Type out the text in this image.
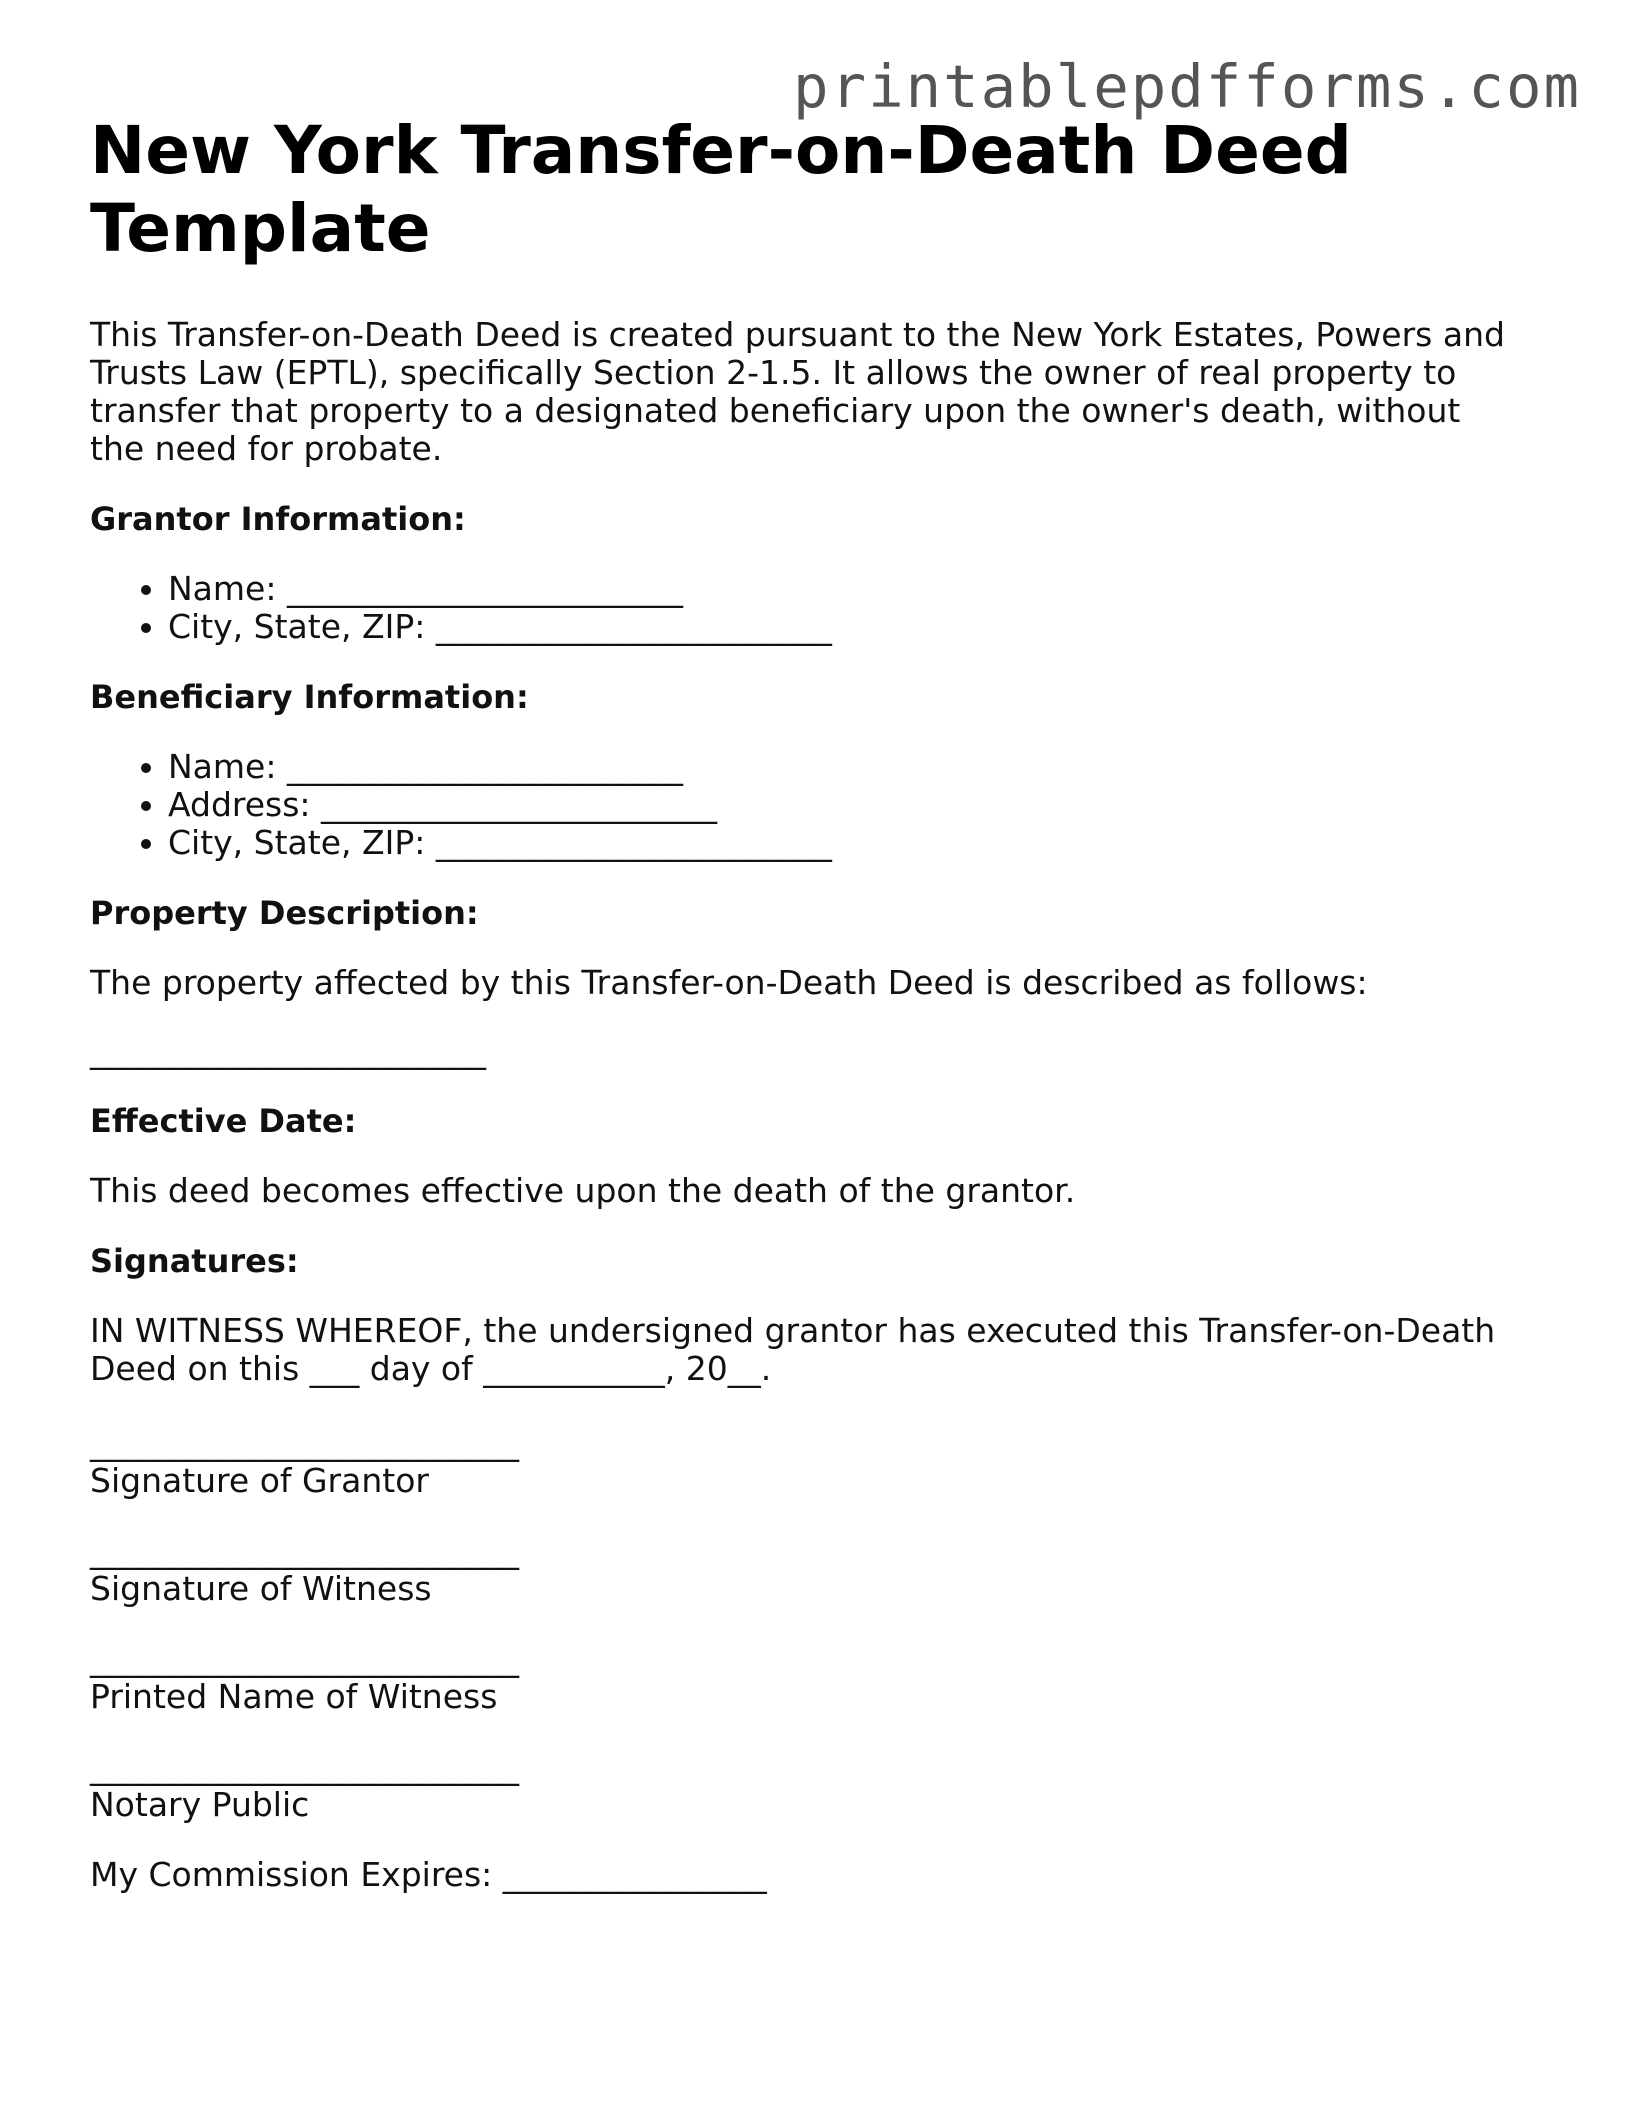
printablepdfforms.com
New York Transfer-on-Death Deed Template

This Transfer-on-Death Deed is created pursuant to the New York Estates, Powers and Trusts Law (EPTL), specifically Section 2-1.5. It allows the owner of real property to transfer that property to a designated beneficiary upon the owner's death, without the need for probate.

Grantor Information:

• Name: ________________________
• City, State, ZIP: ________________________

Beneficiary Information:

• Name: ________________________
• Address: ________________________
• City, State, ZIP: ________________________

Property Description:

The property affected by this Transfer-on-Death Deed is described as follows:

________________________

Effective Date:

This deed becomes effective upon the death of the grantor.

Signatures:

IN WITNESS WHEREOF, the undersigned grantor has executed this Transfer-on-Death Deed on this ___ day of ___________, 20__.

__________________________
Signature of Grantor
__________________________
Signature of Witness
__________________________
Printed Name of Witness
__________________________
Notary Public

My Commission Expires: ________________
